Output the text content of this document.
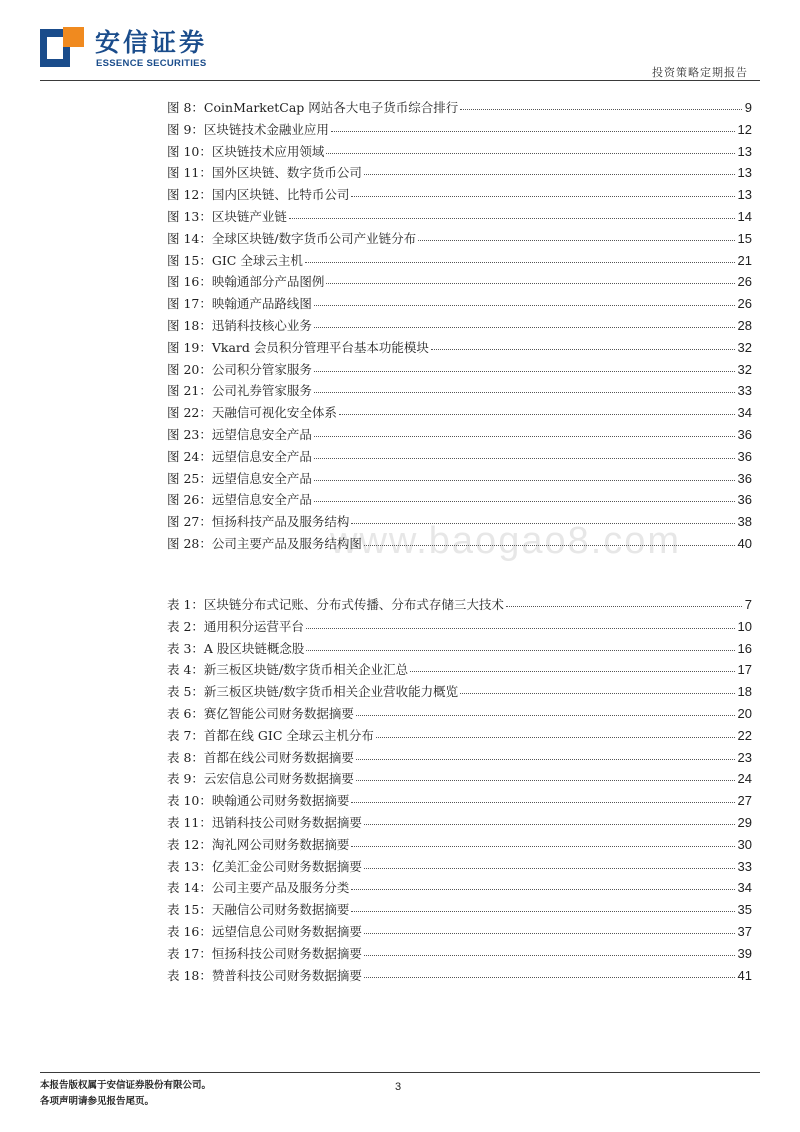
安信证券
ESSENCE SECURITIES
投资策略定期报告
图 8：CoinMarketCap 网站各大电子货币综合排行	9
图 9：区块链技术金融业应用	12
图 10：区块链技术应用领域	13
图 11：国外区块链、数字货币公司	13
图 12：国内区块链、比特币公司	13
图 13：区块链产业链	14
图 14：全球区块链/数字货币公司产业链分布	15
图 15：GIC 全球云主机	21
图 16：映翰通部分产品图例	26
图 17：映翰通产品路线图	26
图 18：迅销科技核心业务	28
图 19：Vkard 会员积分管理平台基本功能模块	32
图 20：公司积分管家服务	32
图 21：公司礼券管家服务	33
图 22：天融信可视化安全体系	34
图 23：远望信息安全产品	36
图 24：远望信息安全产品	36
图 25：远望信息安全产品	36
图 26：远望信息安全产品	36
图 27：恒扬科技产品及服务结构	38
图 28：公司主要产品及服务结构图	40
www.baogao8.com
表 1：区块链分布式记账、分布式传播、分布式存储三大技术	7
表 2：通用积分运营平台	10
表 3：A 股区块链概念股	16
表 4：新三板区块链/数字货币相关企业汇总	17
表 5：新三板区块链/数字货币相关企业营收能力概览	18
表 6：赛亿智能公司财务数据摘要	20
表 7：首都在线 GIC 全球云主机分布	22
表 8：首都在线公司财务数据摘要	23
表 9：云宏信息公司财务数据摘要	24
表 10：映翰通公司财务数据摘要	27
表 11：迅销科技公司财务数据摘要	29
表 12：淘礼网公司财务数据摘要	30
表 13：亿美汇金公司财务数据摘要	33
表 14：公司主要产品及服务分类	34
表 15：天融信公司财务数据摘要	35
表 16：远望信息公司财务数据摘要	37
表 17：恒扬科技公司财务数据摘要	39
表 18：赞普科技公司财务数据摘要	41
本报告版权属于安信证券股份有限公司。
各项声明请参见报告尾页。
3
